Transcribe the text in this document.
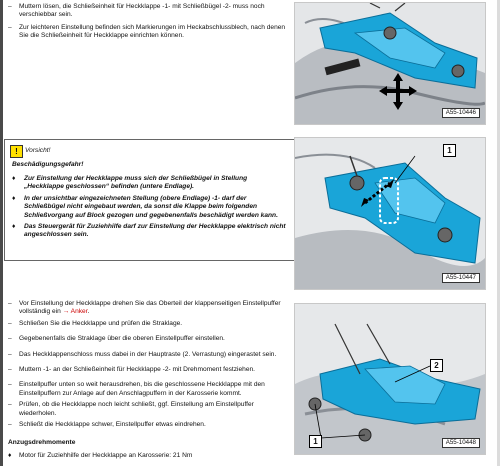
– Muttern lösen, die Schließeinheit für Heckklappe -1- mit Schließbügel -2- muss noch verschiebbar sein.
– Zur leichteren Einstellung befinden sich Markierungen im Heckabschlussblech, nach denen Sie die Schließeinheit für Heckklappe einrichten können.
A55-10446
!	Vorsicht!
Beschädigungsgefahr!
♦ Zur Einstellung der Heckklappe muss sich der Schließbügel in Stellung „Heckklappe geschlossen“ befinden (untere Endlage).
♦ In der unsichtbar eingezeichneten Stellung (obere Endlage) -1- darf der Schließbügel nicht eingebaut werden, da sonst die Klappe beim folgenden Schließvorgang auf Block gezogen und gegebenenfalls beschädigt werden kann.
♦ Das Steuergerät für Zuziehhilfe darf zur Einstellung der Heckklappe elektrisch nicht angeschlossen sein.
1
A55-10447
– Vor Einstellung der Heckklappe drehen Sie das Oberteil der klappenseitigen Einstellpuffer vollständig ein → Anker.
– Schließen Sie die Heckklappe und prüfen die Straklage.
– Gegebenenfalls die Straklage über die oberen Einstellpuffer einstellen.
– Das Heckklappenschloss muss dabei in der Hauptraste (2. Verrastung) eingerastet sein.
– Muttern -1- an der Schließeinheit für Heckklappe -2- mit Drehmoment festziehen.
– Einstellpuffer unten so weit herausdrehen, bis die geschlossene Heckklappe mit den Einstellpuffern zur Anlage auf den Anschlagpuffern in der Karosserie kommt.
– Prüfen, ob die Heckklappe noch leicht schließt, ggf. Einstellung am Einstellpuffer wiederholen.
– Schließt die Heckklappe schwer, Einstellpuffer etwas eindrehen.
Anzugsdrehmomente
♦ Motor für Zuziehhilfe der Heckklappe an Karosserie: 21 Nm
2
1	A55-10448
